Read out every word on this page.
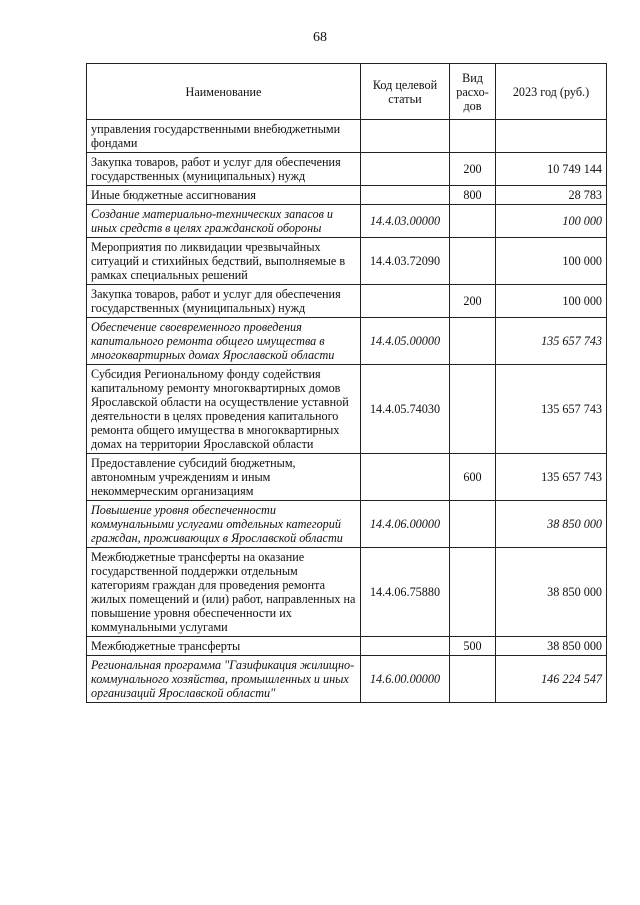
68
Наименование	Код целевой статьи	Вид расхо-дов	2023 год (руб.)
управления государственными внебюджетными фондами			
Закупка товаров, работ и услуг для обеспечения государственных (муниципальных) нужд		200	10 749 144
Иные бюджетные ассигнования		800	28 783
Создание материально-технических запасов и иных средств в целях гражданской обороны	14.4.03.00000		100 000
Мероприятия по ликвидации чрезвычайных ситуаций и стихийных бедствий, выполняемые в рамках специальных решений	14.4.03.72090		100 000
Закупка товаров, работ и услуг для обеспечения государственных (муниципальных) нужд		200	100 000
Обеспечение своевременного проведения капитального ремонта общего имущества в многоквартирных домах Ярославской области	14.4.05.00000		135 657 743
Субсидия Региональному фонду содействия капитальному ремонту многоквартирных домов Ярославской области на осуществление уставной деятельности в целях проведения капитального ремонта общего имущества в многоквартирных домах на территории Ярославской области	14.4.05.74030		135 657 743
Предоставление субсидий бюджетным, автономным учреждениям и иным некоммерческим организациям		600	135 657 743
Повышение уровня обеспеченности коммунальными услугами отдельных категорий граждан, проживающих в Ярославской области	14.4.06.00000		38 850 000
Межбюджетные трансферты на оказание государственной поддержки отдельным категориям граждан для проведения ремонта жилых помещений и (или) работ, направленных на повышение уровня обеспеченности их коммунальными услугами	14.4.06.75880		38 850 000
Межбюджетные трансферты		500	38 850 000
Региональная программа "Газификация жилищно-коммунального хозяйства, промышленных и иных организаций Ярославской области"	14.6.00.00000		146 224 547
